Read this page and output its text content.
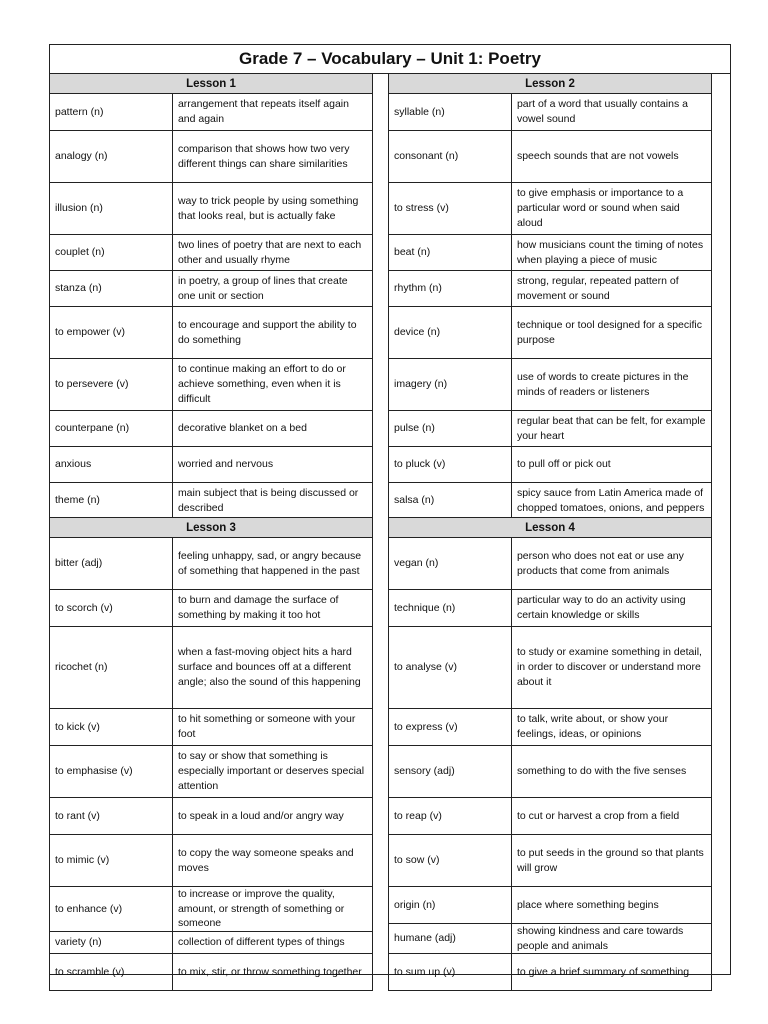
Grade 7 – Vocabulary – Unit 1: Poetry
Lesson 1
pattern (n)	arrangement that repeats itself again and again
analogy (n)	comparison that shows how two very different things can share similarities
illusion (n)	way to trick people by using something that looks real, but is actually fake
couplet (n)	two lines of poetry that are next to each other and usually rhyme
stanza (n)	in poetry, a group of lines that create one unit or section
to empower (v)	to encourage and support the ability to do something
to persevere (v)	to continue making an effort to do or achieve something, even when it is difficult
counterpane (n)	decorative blanket on a bed
anxious	worried and nervous
theme (n)	main subject that is being discussed or described
Lesson 2
syllable (n)	part of a word that usually contains a vowel sound
consonant (n)	speech sounds that are not vowels
to stress (v)	to give emphasis or importance to a particular word or sound when said aloud
beat (n)	how musicians count the timing of notes when playing a piece of music
rhythm (n)	strong, regular, repeated pattern of movement or sound
device (n)	technique or tool designed for a specific purpose
imagery (n)	use of words to create pictures in the minds of readers or listeners
pulse (n)	regular beat that can be felt, for example your heart
to pluck (v)	to pull off or pick out
salsa (n)	spicy sauce from Latin America made of chopped tomatoes, onions, and peppers
Lesson 3
bitter (adj)	feeling unhappy, sad, or angry because of something that happened in the past
to scorch (v)	to burn and damage the surface of something by making it too hot
ricochet (n)	when a fast-moving object hits a hard surface and bounces off at a different angle; also the sound of this happening
to kick (v)	to hit something or someone with your foot
to emphasise (v)	to say or show that something is especially important or deserves special attention
to rant (v)	to speak in a loud and/or angry way
to mimic (v)	to copy the way someone speaks and moves
to enhance (v)	to increase or improve the quality, amount, or strength of something or someone
variety (n)	collection of different types of things
to scramble (v)	to mix, stir, or throw something together
Lesson 4
vegan (n)	person who does not eat or use any products that come from animals
technique (n)	particular way to do an activity using certain knowledge or skills
to analyse (v)	to study or examine something in detail, in order to discover or understand more about it
to express (v)	to talk, write about, or show your feelings, ideas, or opinions
sensory (adj)	something to do with the five senses
to reap (v)	to cut or harvest a crop from a field
to sow (v)	to put seeds in the ground so that plants will grow
origin (n)	place where something begins
humane (adj)	showing kindness and care towards people and animals
to sum up (v)	to give a brief summary of something
